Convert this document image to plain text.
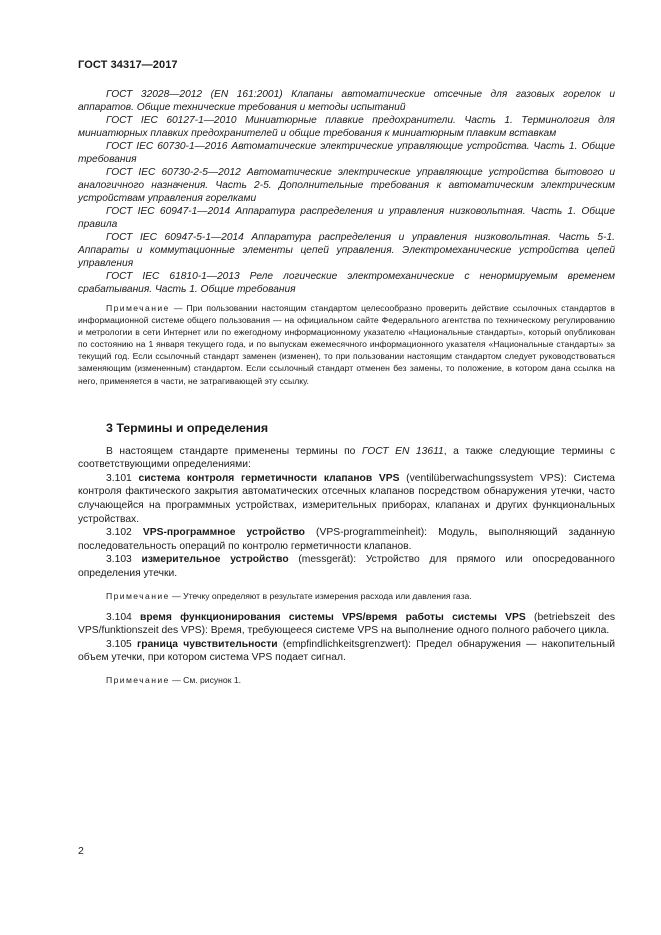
ГОСТ 34317—2017

ГОСТ 32028—2012 (EN 161:2001) Клапаны автоматические отсечные для газовых горелок и аппаратов. Общие технические требования и методы испытаний

ГОСТ IEC 60127-1—2010 Миниатюрные плавкие предохранители. Часть 1. Терминология для миниатюрных плавких предохранителей и общие требования к миниатюрным плавким вставкам

ГОСТ IEC 60730-1—2016 Автоматические электрические управляющие устройства. Часть 1. Общие требования

ГОСТ IEC 60730-2-5—2012 Автоматические электрические управляющие устройства бытового и аналогичного назначения. Часть 2-5. Дополнительные требования к автоматическим электрическим устройствам управления горелками

ГОСТ IEC 60947-1—2014 Аппаратура распределения и управления низковольтная. Часть 1. Общие правила

ГОСТ IEC 60947-5-1—2014 Аппаратура распределения и управления низковольтная. Часть 5-1. Аппараты и коммутационные элементы цепей управления. Электромеханические устройства цепей управления

ГОСТ IEC 61810-1—2013 Реле логические электромеханические с ненормируемым временем срабатывания. Часть 1. Общие требования

Примечание — При пользовании настоящим стандартом целесообразно проверить действие ссылочных стандартов в информационной системе общего пользования — на официальном сайте Федерального агентства по техническому регулированию и метрологии в сети Интернет или по ежегодному информационному указателю «Национальные стандарты», который опубликован по состоянию на 1 января текущего года, и по выпускам ежемесячного информационного указателя «Национальные стандарты» за текущий год. Если ссылочный стандарт заменен (изменен), то при пользовании настоящим стандартом следует руководствоваться заменяющим (измененным) стандартом. Если ссылочный стандарт отменен без замены, то положение, в котором дана ссылка на него, применяется в части, не затрагивающей эту ссылку.

3 Термины и определения

В настоящем стандарте применены термины по ГОСТ EN 13611, а также следующие термины с соответствующими определениями:

3.101 система контроля герметичности клапанов VPS (ventilüberwachungssystem VPS): Система контроля фактического закрытия автоматических отсечных клапанов посредством обнаружения утечки, часто случающейся на программных устройствах, измерительных приборах, клапанах и других функциональных устройствах.

3.102 VPS-программное устройство (VPS-programmeinheit): Модуль, выполняющий заданную последовательность операций по контролю герметичности клапанов.

3.103 измерительное устройство (messgerät): Устройство для прямого или опосредованного определения утечки.

Примечание — Утечку определяют в результате измерения расхода или давления газа.

3.104 время функционирования системы VPS/время работы системы VPS (betriebszeit des VPS/funktionszeit des VPS): Время, требующееся системе VPS на выполнение одного полного рабочего цикла.

3.105 граница чувствительности (empfindlichkeitsgrenzwert): Предел обнаружения — накопительный объем утечки, при котором система VPS подает сигнал.

Примечание — См. рисунок 1.

2
